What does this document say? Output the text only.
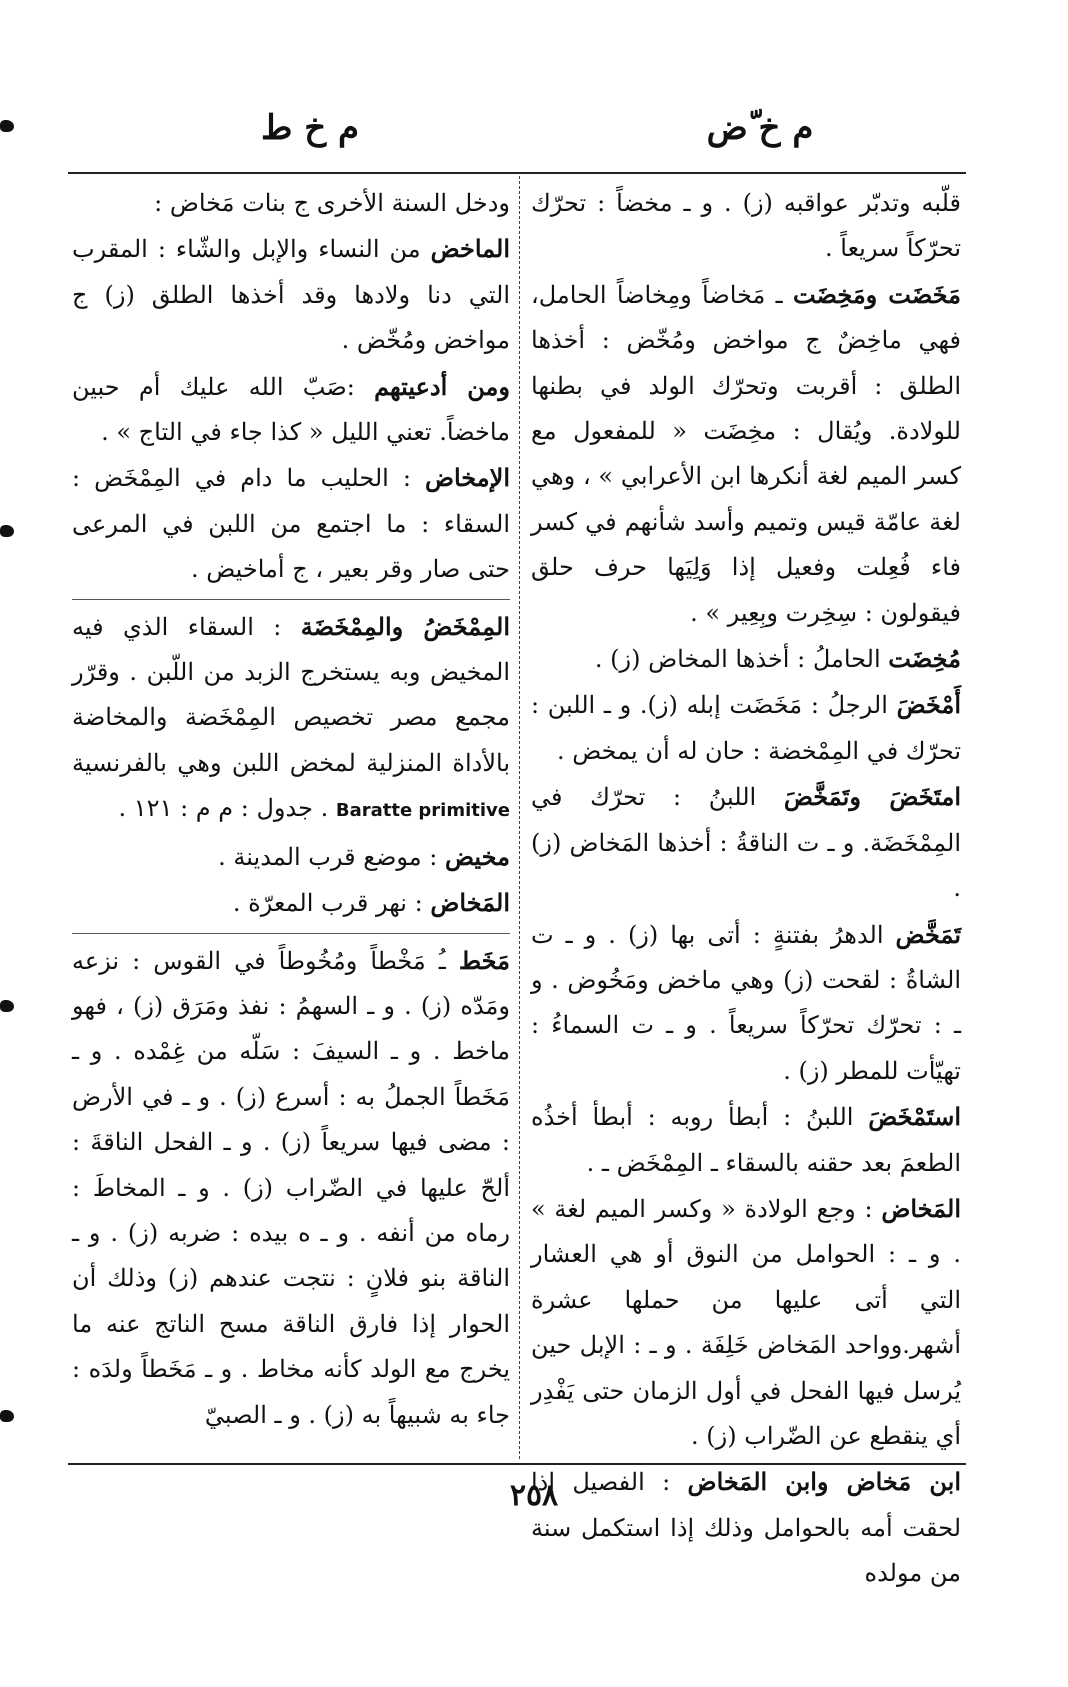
م خ ّض
م خ ط

قلّبه وتدبّر عواقبه (ز) . و ـ مخضاً : تحرّك تحرّكاً سريعاً .

مَخَضَت ومَخِضَت ـ مَخاضاً ومِخاضاً الحامل، فهي ماخِضٌ ج مواخض ومُخّض : أخذها الطلق : أقربت وتحرّك الولد في بطنها للولادة. ويُقال : مخِضَت « للمفعول مع كسر الميم لغة أنكرها ابن الأعرابي » ، وهي لغة عامّة قيس وتميم وأسد شأنهم في كسر فاء فُعِلت وفعيل إذا وَلِيَها حرف حلق فيقولون : سِخِرت وبِعِير » .

مُخِضَت الحاملُ : أخذها المخاض (ز) .

أَمْخَضَ الرجلُ : مَخَضَت إبله (ز). و ـ اللبن : تحرّك في المِمْخضة : حان له أن يمخض .

امتَخَضَ وتَمَخَّضَ اللبنُ : تحرّك في المِمْخَضَة. و ـ ت الناقةُ : أخذها المَخاض (ز) .

تَمَخَّض الدهرُ بفتنةٍ : أتى بها (ز) . و ـ ت الشاةُ : لقحت (ز) وهي ماخض ومَخُوض . و ـ : تحرّك تحرّكاً سريعاً . و ـ ت السماءُ : تهيّأت للمطر (ز) .

استَمْخَضَ اللبنُ : أبطأ روبه : أبطأ أخذُه الطعمَ بعد حقنه بالسقاء ـ المِمْخَض ـ .

المَخاض : وجع الولادة « وكسر الميم لغة » . و ـ : الحوامل من النوق أو هي العشار التي أتى عليها من حملها عشرة أشهر.وواحد المَخاض خَلِفَة . و ـ : الإبل حين يُرسل فيها الفحل في أول الزمان حتى يَفْدِر أي ينقطع عن الضّراب (ز) .

ابن مَخاض وابن المَخاض : الفصيل إذا لحقت أمه بالحوامل وذلك إذا استكمل سنة من مولده

ودخل السنة الأخرى ج بنات مَخاض :

الماخض من النساء والإبل والشّاء : المقرب التي دنا ولادها وقد أخذها الطلق (ز) ج مواخض ومُخّض .

ومن أدعيتهم :صَبّ الله عليك أم حبين ماخضاً. تعني الليل « كذا جاء في التاج » .

الإمخاض : الحليب ما دام في المِمْخَض : السقاء : ما اجتمع من اللبن في المرعى حتى صار وقر بعير ، ج أماخيض .

المِمْخَضُ والمِمْخَضَة : السقاء الذي فيه المخيض وبه يستخرج الزبد من اللّبن . وقرّر مجمع مصر تخصيص المِمْخَضة والمخاضة بالأداة المنزلية لمخض اللبن وهي بالفرنسية Baratte primitive . جدول : م م : ١٢١ .

مخيض : موضع قرب المدينة .

المَخاض : نهر قرب المعرّة .

مَخَط ـُ مَخْطاً ومُخُوطاً في القوس : نزعه ومَدّه (ز) . و ـ السهمُ : نفذ ومَرَق (ز) ، فهو ماخط . و ـ السيفَ : سَلّه من غِمْده . و ـ مَخَطاً الجملُ به : أسرع (ز) . و ـ في الأرض : مضى فيها سريعاً (ز) . و ـ الفحل الناقةَ : ألحّ عليها في الضّراب (ز) . و ـ المخاطَ : رماه من أنفه . و ـ ه بيده : ضربه (ز) . و ـ الناقة بنو فلانٍ : نتجت عندهم (ز) وذلك أن الحوار إذا فارق الناقة مسح الناتج عنه ما يخرج مع الولد كأنه مخاط . و ـ مَخَطاً ولدَه : جاء به شبيهاً به (ز) . و ـ الصبيّ

٢٥٨
